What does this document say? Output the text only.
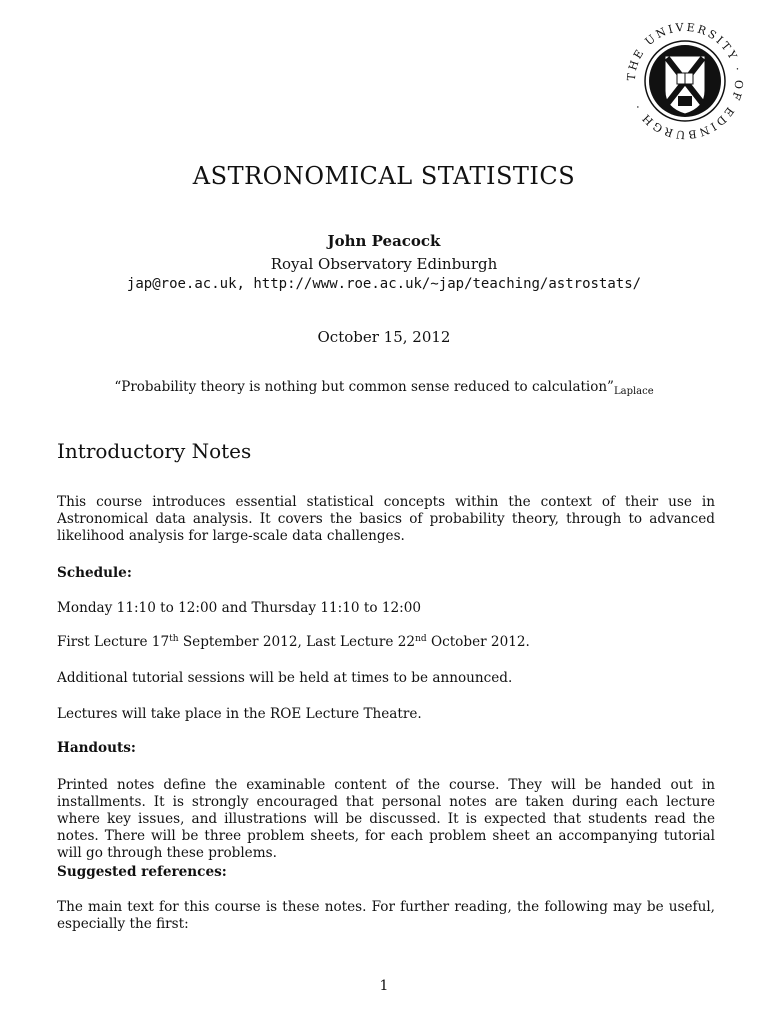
THE UNIVERSITY · OF EDINBURGH ·
ASTRONOMICAL STATISTICS
John Peacock
Royal Observatory Edinburgh
jap@roe.ac.uk, http://www.roe.ac.uk/∼jap/teaching/astrostats/
October 15, 2012
“Probability theory is nothing but common sense reduced to $calculation”_{Laplace}$
Introductory Notes

This course introduces essential statistical concepts within the context of their use in Astronomical data analysis. It covers the basics of probability theory, through to advanced likelihood analysis for large-scale data challenges.

Schedule:

Monday 11:10 to 12:00 and Thursday 11:10 to 12:00

First Lecture 17th September 2012, Last Lecture 22nd October 2012.

Additional tutorial sessions will be held at times to be announced.

Lectures will take place in the ROE Lecture Theatre.

Handouts:

Printed notes define the examinable content of the course. They will be handed out in installments. It is strongly encouraged that personal notes are taken during each lecture where key issues, and illustrations will be discussed. It is expected that students read the notes. There will be three problem sheets, for each problem sheet an accompanying tutorial will go through these problems.

Suggested references:

The main text for this course is these notes. For further reading, the following may be useful, especially the first:

1
